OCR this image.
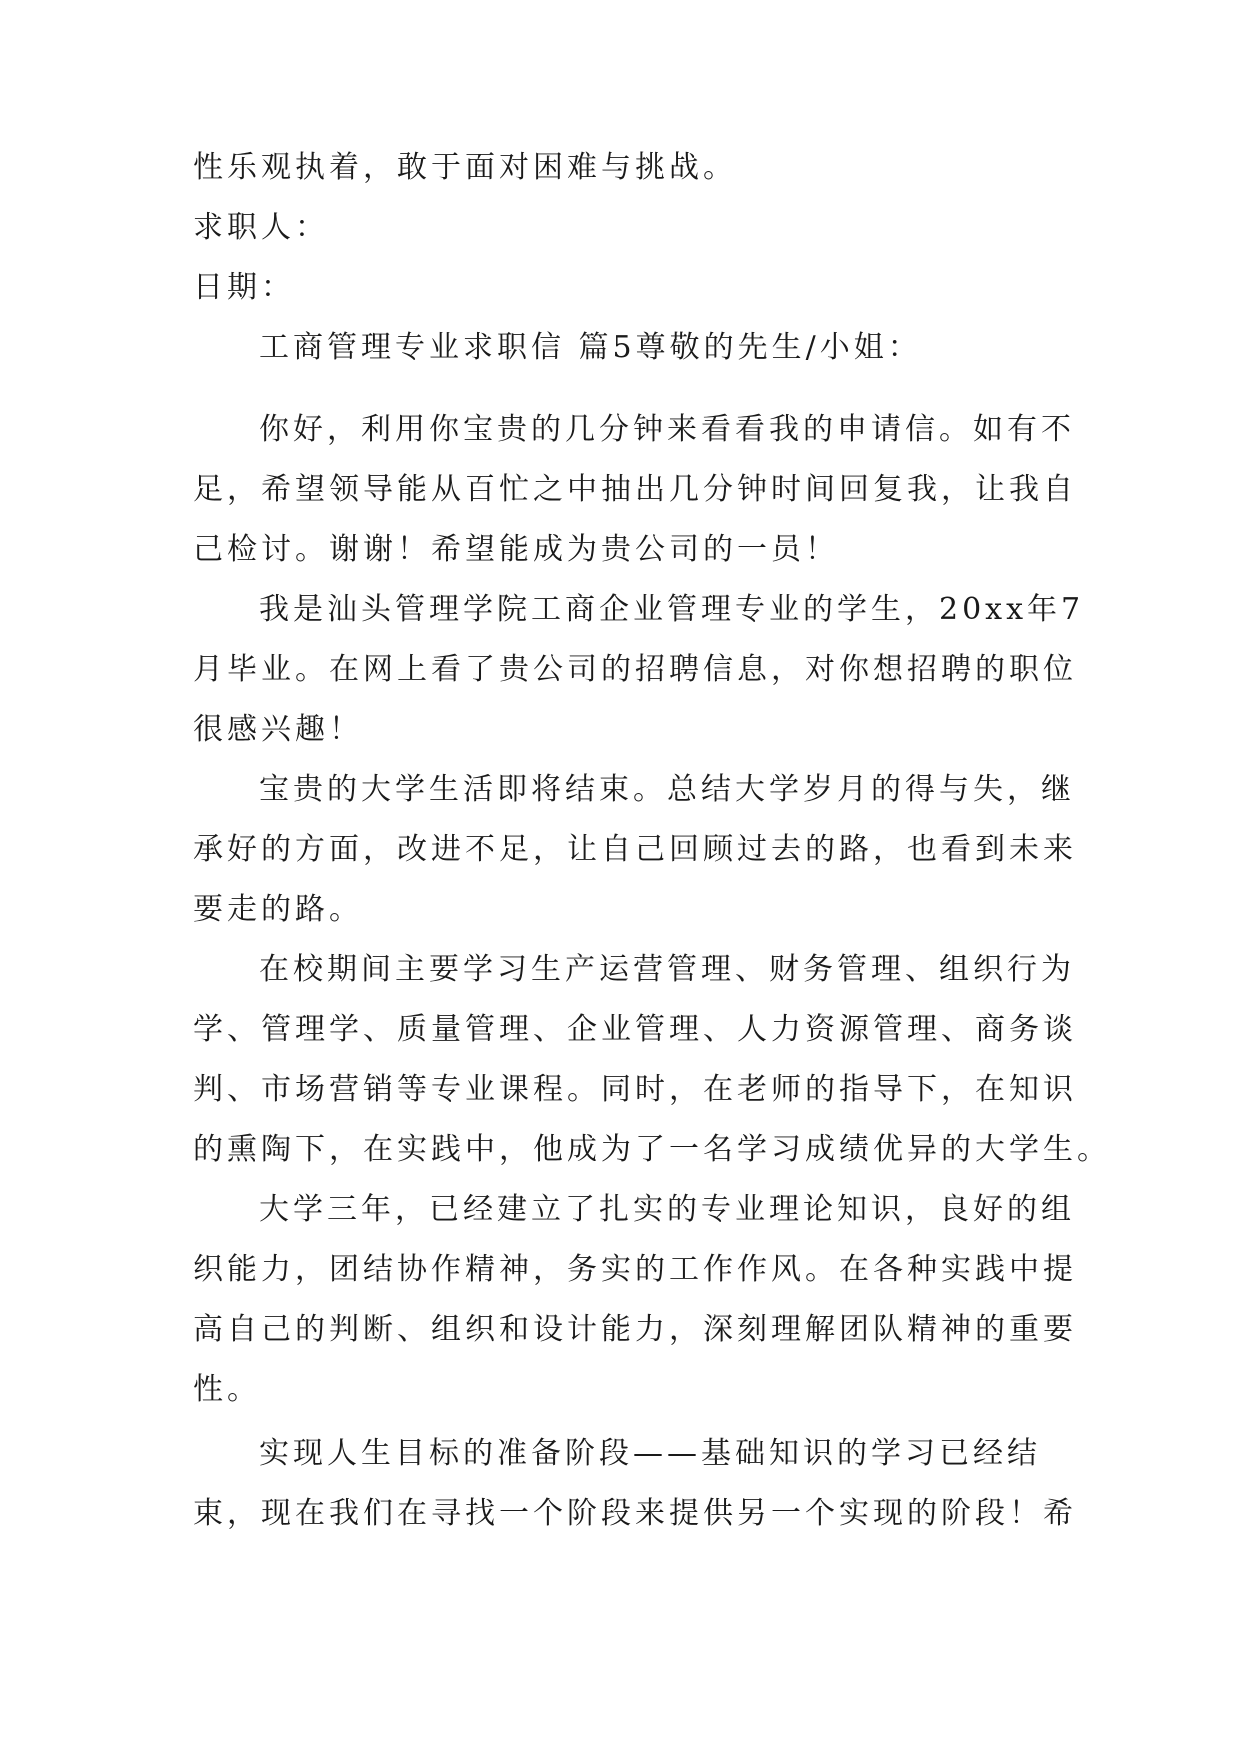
性乐观执着，敢于面对困难与挑战。
求职人：
日期：
工商管理专业求职信 篇5尊敬的先生/小姐：
你好，利用你宝贵的几分钟来看看我的申请信。如有不
足，希望领导能从百忙之中抽出几分钟时间回复我，让我自
己检讨。谢谢！希望能成为贵公司的一员！
我是汕头管理学院工商企业管理专业的学生，20xx年7
月毕业。在网上看了贵公司的招聘信息，对你想招聘的职位
很感兴趣！
宝贵的大学生活即将结束。总结大学岁月的得与失，继
承好的方面，改进不足，让自己回顾过去的路，也看到未来
要走的路。
在校期间主要学习生产运营管理、财务管理、组织行为
学、管理学、质量管理、企业管理、人力资源管理、商务谈
判、市场营销等专业课程。同时，在老师的指导下，在知识
的熏陶下，在实践中，他成为了一名学习成绩优异的大学生。
大学三年，已经建立了扎实的专业理论知识，良好的组
织能力，团结协作精神，务实的工作作风。在各种实践中提
高自己的判断、组织和设计能力，深刻理解团队精神的重要
性。
实现人生目标的准备阶段——基础知识的学习已经结
束，现在我们在寻找一个阶段来提供另一个实现的阶段！希
